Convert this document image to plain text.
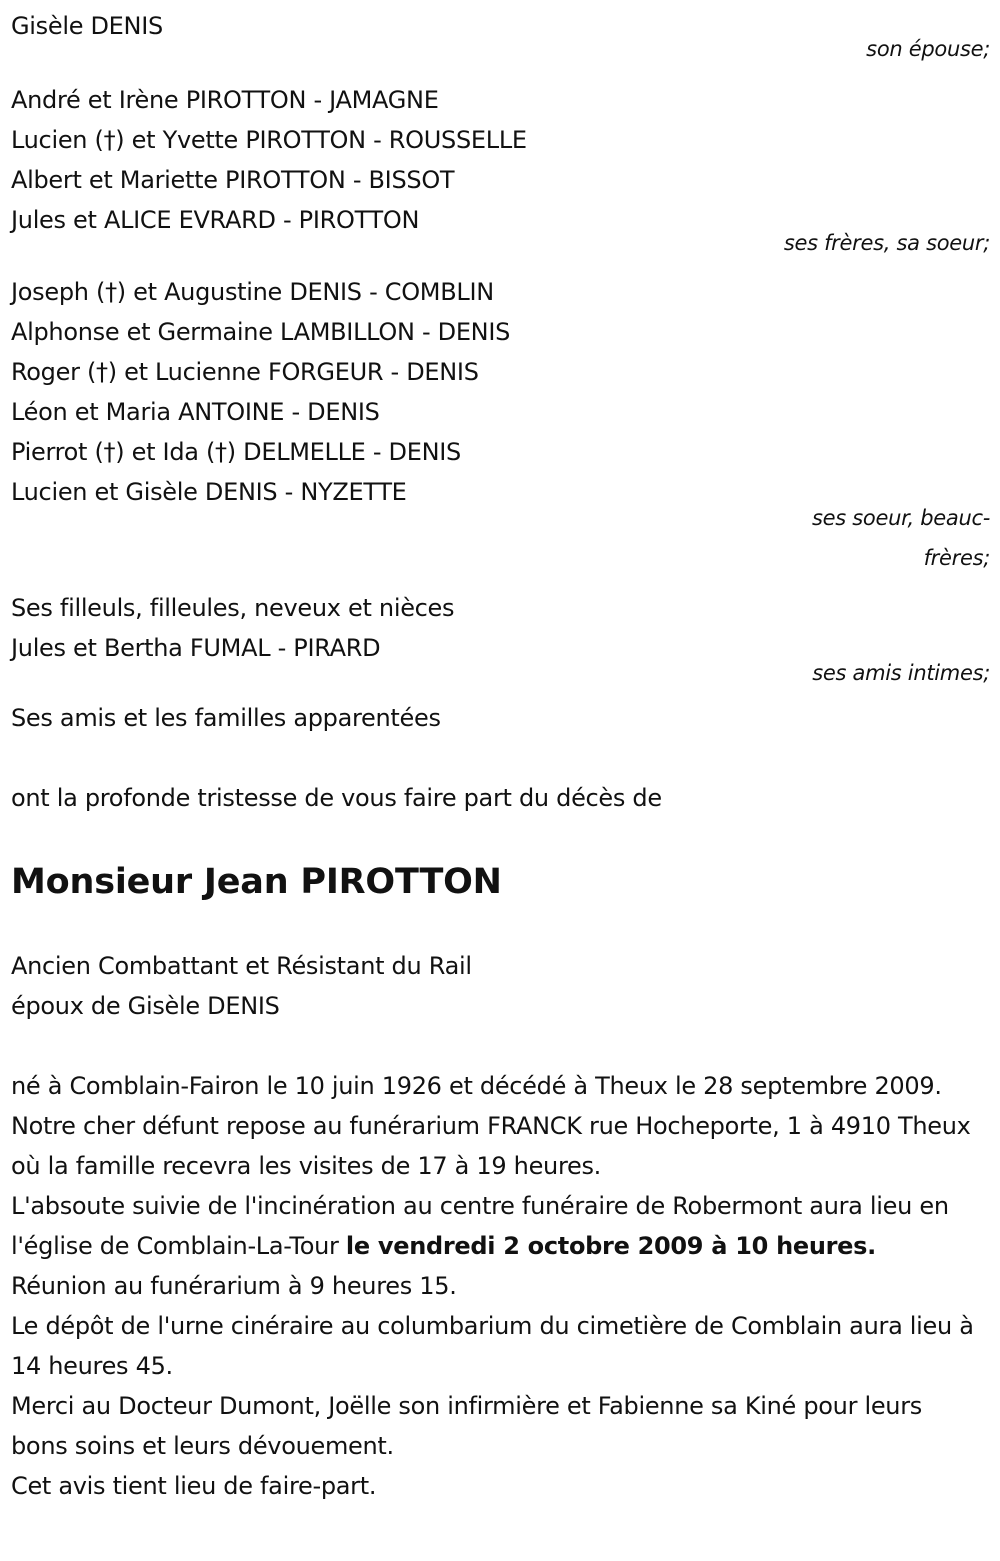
Gisèle DENIS
son épouse;
André et Irène PIROTTON - JAMAGNE
Lucien (†) et Yvette PIROTTON - ROUSSELLE
Albert et Mariette PIROTTON - BISSOT
Jules et ALICE EVRARD - PIROTTON
ses frères, sa soeur;
Joseph (†) et Augustine DENIS - COMBLIN
Alphonse et Germaine LAMBILLON - DENIS
Roger (†) et Lucienne FORGEUR - DENIS
Léon et Maria ANTOINE - DENIS
Pierrot (†) et Ida (†) DELMELLE - DENIS
Lucien et Gisèle DENIS - NYZETTE
ses soeur, beauc-frères;
Ses filleuls, filleules, neveux et nièces
Jules et Bertha FUMAL - PIRARD
ses amis intimes;
Ses amis et les familles apparentées
ont la profonde tristesse de vous faire part du décès de
Monsieur Jean PIROTTON
Ancien Combattant et Résistant du Rail
époux de Gisèle DENIS
né à Comblain-Fairon le 10 juin 1926 et décédé à Theux le 28 septembre 2009.
Notre cher défunt repose au funérarium FRANCK rue Hocheporte, 1 à 4910 Theux où la famille recevra les visites de 17 à 19 heures.
L'absoute suivie de l'incinération au centre funéraire de Robermont aura lieu en l'église de Comblain-La-Tour le vendredi 2 octobre 2009 à 10 heures.
Réunion au funérarium à 9 heures 15.
Le dépôt de l'urne cinéraire au columbarium du cimetière de Comblain aura lieu à 14 heures 45.
Merci au Docteur Dumont, Joëlle son infirmière et Fabienne sa Kiné pour leurs bons soins et leurs dévouement.
Cet avis tient lieu de faire-part.
